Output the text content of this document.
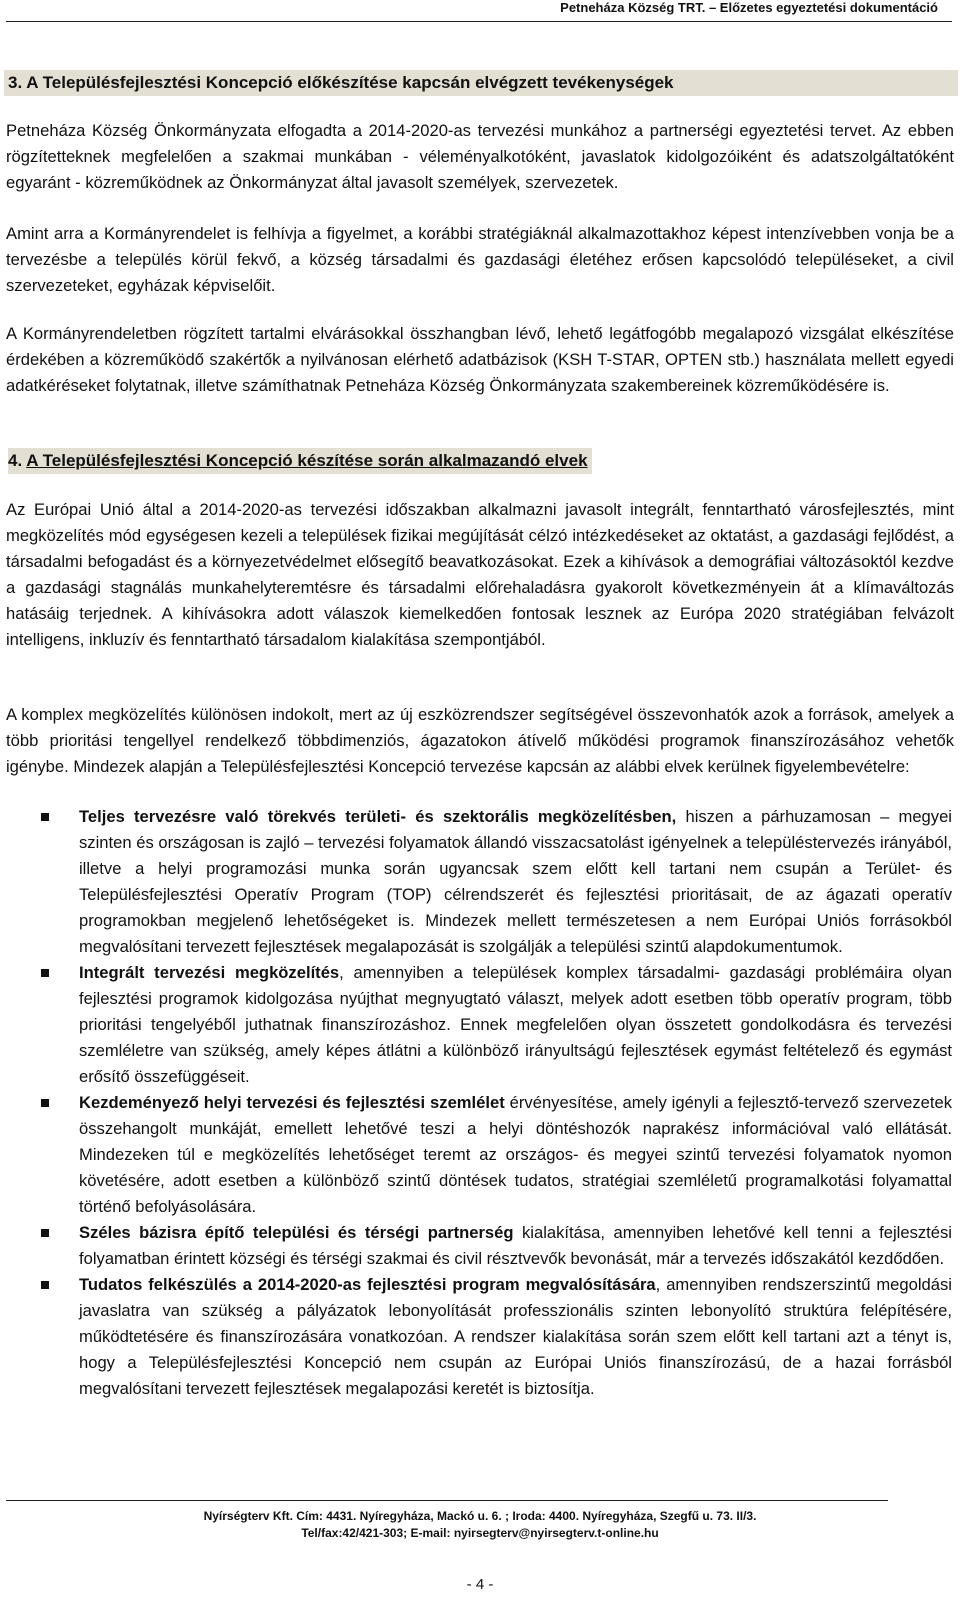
Petneháza Község TRT. – Előzetes egyeztetési dokumentáció
3. A Településfejlesztési Koncepció előkészítése kapcsán elvégzett tevékenységek

Petneháza Község Önkormányzata elfogadta a 2014-2020-as tervezési munkához a partnerségi egyeztetési tervet. Az ebben rögzítetteknek megfelelően a szakmai munkában - véleményalkotóként, javaslatok kidolgozóiként és adatszolgáltatóként egyaránt - közreműködnek az Önkormányzat által javasolt személyek, szervezetek.

Amint arra a Kormányrendelet is felhívja a figyelmet, a korábbi stratégiáknál alkalmazottakhoz képest intenzívebben vonja be a tervezésbe a település körül fekvő, a község társadalmi és gazdasági életéhez erősen kapcsolódó településeket, a civil szervezeteket, egyházak képviselőit.

A Kormányrendeletben rögzített tartalmi elvárásokkal összhangban lévő, lehető legátfogóbb megalapozó vizsgálat elkészítése érdekében a közreműködő szakértők a nyilvánosan elérhető adatbázisok (KSH T-STAR, OPTEN stb.) használata mellett egyedi adatkéréseket folytatnak, illetve számíthatnak Petneháza Község Önkormányzata szakembereinek közreműködésére is.

4. A Településfejlesztési Koncepció készítése során alkalmazandó elvek

Az Európai Unió által a 2014-2020-as tervezési időszakban alkalmazni javasolt integrált, fenntartható városfejlesztés, mint megközelítés mód egységesen kezeli a települések fizikai megújítását célzó intézkedéseket az oktatást, a gazdasági fejlődést, a társadalmi befogadást és a környezetvédelmet elősegítő beavatkozásokat. Ezek a kihívások a demográfiai változásoktól kezdve a gazdasági stagnálás munkahelyteremtésre és társadalmi előrehaladásra gyakorolt következményein át a klímaváltozás hatásáig terjednek. A kihívásokra adott válaszok kiemelkedően fontosak lesznek az Európa 2020 stratégiában felvázolt intelligens, inkluzív és fenntartható társadalom kialakítása szempontjából.

A komplex megközelítés különösen indokolt, mert az új eszközrendszer segítségével összevonhatók azok a források, amelyek a több prioritási tengellyel rendelkező többdimenziós, ágazatokon átívelő működési programok finanszírozásához vehetők igénybe. Mindezek alapján a Településfejlesztési Koncepció tervezése kapcsán az alábbi elvek kerülnek figyelembevételre:

Teljes tervezésre való törekvés területi- és szektorális megközelítésben, hiszen a párhuzamosan – megyei szinten és országosan is zajló – tervezési folyamatok állandó visszacsatolást igényelnek a településtervezés irányából, illetve a helyi programozási munka során ugyancsak szem előtt kell tartani nem csupán a Terület- és Településfejlesztési Operatív Program (TOP) célrendszerét és fejlesztési prioritásait, de az ágazati operatív programokban megjelenő lehetőségeket is. Mindezek mellett természetesen a nem Európai Uniós forrásokból megvalósítani tervezett fejlesztések megalapozását is szolgálják a települési szintű alapdokumentumok.
Integrált tervezési megközelítés, amennyiben a települések komplex társadalmi- gazdasági problémáira olyan fejlesztési programok kidolgozása nyújthat megnyugtató választ, melyek adott esetben több operatív program, több prioritási tengelyéből juthatnak finanszírozáshoz. Ennek megfelelően olyan összetett gondolkodásra és tervezési szemléletre van szükség, amely képes átlátni a különböző irányultságú fejlesztések egymást feltételező és egymást erősítő összefüggéseit.
Kezdeményező helyi tervezési és fejlesztési szemlélet érvényesítése, amely igényli a fejlesztő-tervező szervezetek összehangolt munkáját, emellett lehetővé teszi a helyi döntéshozók naprakész információval való ellátását. Mindezeken túl e megközelítés lehetőséget teremt az országos- és megyei szintű tervezési folyamatok nyomon követésére, adott esetben a különböző szintű döntések tudatos, stratégiai szemléletű programalkotási folyamattal történő befolyásolására.
Széles bázisra építő települési és térségi partnerség kialakítása, amennyiben lehetővé kell tenni a fejlesztési folyamatban érintett községi és térségi szakmai és civil résztvevők bevonását, már a tervezés időszakától kezdődően.
Tudatos felkészülés a 2014-2020-as fejlesztési program megvalósítására, amennyiben rendszerszintű megoldási javaslatra van szükség a pályázatok lebonyolítását professzionális szinten lebonyolító struktúra felépítésére, működtetésére és finanszírozására vonatkozóan. A rendszer kialakítása során szem előtt kell tartani azt a tényt is, hogy a Településfejlesztési Koncepció nem csupán az Európai Uniós finanszírozású, de a hazai forrásból megvalósítani tervezett fejlesztések megalapozási keretét is biztosítja.
Nyírségterv Kft. Cím: 4431. Nyíregyháza, Mackó u. 6. ; Iroda: 4400. Nyíregyháza, Szegfű u. 73. II/3.
Tel/fax:42/421-303; E-mail: nyirsegterv@nyirsegterv.t-online.hu
- 4 -
